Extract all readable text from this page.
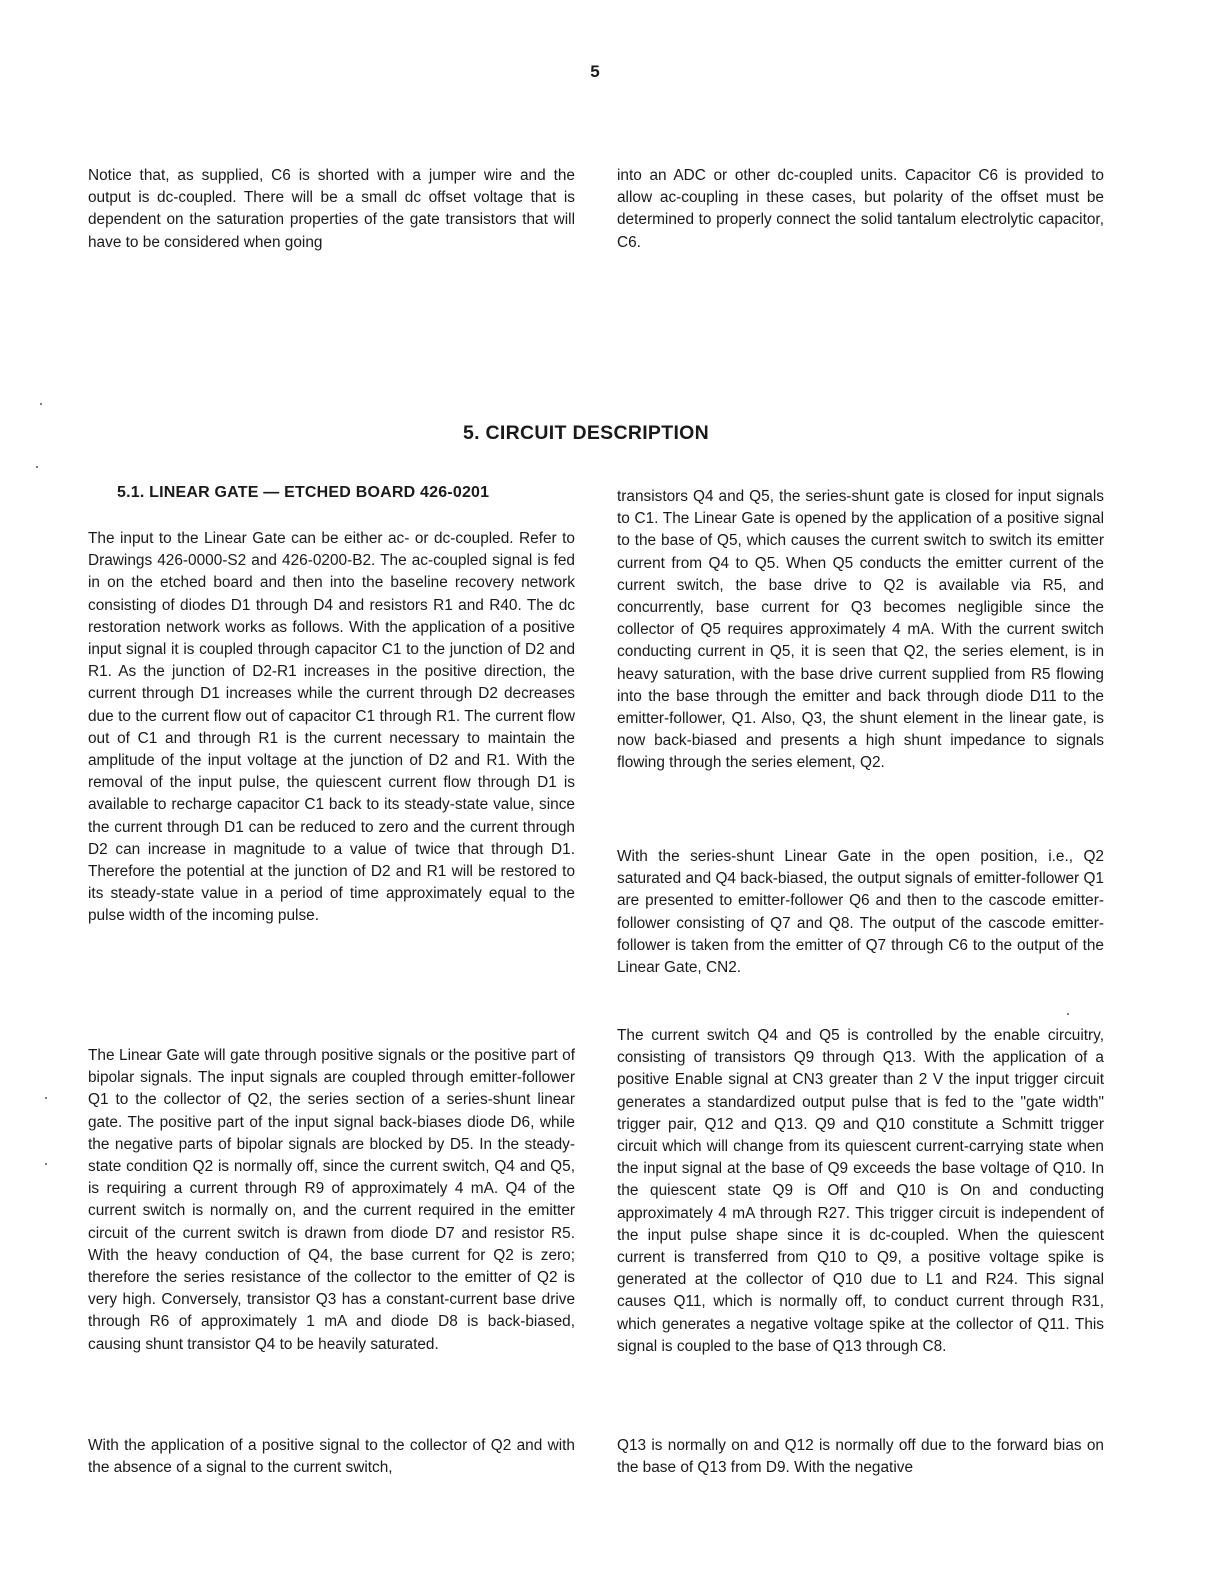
5

Notice that, as supplied, C6 is shorted with a jumper wire and the output is dc-coupled. There will be a small dc offset voltage that is dependent on the saturation properties of the gate transistors that will have to be considered when going

into an ADC or other dc-coupled units. Capacitor C6 is provided to allow ac-coupling in these cases, but polarity of the offset must be determined to properly connect the solid tantalum electrolytic capacitor, C6.

5. CIRCUIT DESCRIPTION
5.1. LINEAR GATE — ETCHED BOARD 426-0201

The input to the Linear Gate can be either ac- or dc-coupled. Refer to Drawings 426-0000-S2 and 426-0200-B2. The ac-coupled signal is fed in on the etched board and then into the baseline recovery network consisting of diodes D1 through D4 and resistors R1 and R40. The dc restoration network works as follows. With the application of a positive input signal it is coupled through capacitor C1 to the junction of D2 and R1. As the junction of D2-R1 increases in the positive direction, the current through D1 increases while the current through D2 decreases due to the current flow out of capacitor C1 through R1. The current flow out of C1 and through R1 is the current necessary to maintain the amplitude of the input voltage at the junction of D2 and R1. With the removal of the input pulse, the quiescent current flow through D1 is available to recharge capacitor C1 back to its steady-state value, since the current through D1 can be reduced to zero and the current through D2 can increase in magnitude to a value of twice that through D1. Therefore the potential at the junction of D2 and R1 will be restored to its steady-state value in a period of time approximately equal to the pulse width of the incoming pulse.

The Linear Gate will gate through positive signals or the positive part of bipolar signals. The input signals are coupled through emitter-follower Q1 to the collector of Q2, the series section of a series-shunt linear gate. The positive part of the input signal back-biases diode D6, while the negative parts of bipolar signals are blocked by D5. In the steady-state condition Q2 is normally off, since the current switch, Q4 and Q5, is requiring a current through R9 of approximately 4 mA. Q4 of the current switch is normally on, and the current required in the emitter circuit of the current switch is drawn from diode D7 and resistor R5. With the heavy conduction of Q4, the base current for Q2 is zero; therefore the series resistance of the collector to the emitter of Q2 is very high. Conversely, transistor Q3 has a constant-current base drive through R6 of approximately 1 mA and diode D8 is back-biased, causing shunt transistor Q4 to be heavily saturated.

With the application of a positive signal to the collector of Q2 and with the absence of a signal to the current switch,

transistors Q4 and Q5, the series-shunt gate is closed for input signals to C1. The Linear Gate is opened by the application of a positive signal to the base of Q5, which causes the current switch to switch its emitter current from Q4 to Q5. When Q5 conducts the emitter current of the current switch, the base drive to Q2 is available via R5, and concurrently, base current for Q3 becomes negligible since the collector of Q5 requires approximately 4 mA. With the current switch conducting current in Q5, it is seen that Q2, the series element, is in heavy saturation, with the base drive current supplied from R5 flowing into the base through the emitter and back through diode D11 to the emitter-follower, Q1. Also, Q3, the shunt element in the linear gate, is now back-biased and presents a high shunt impedance to signals flowing through the series element, Q2.

With the series-shunt Linear Gate in the open position, i.e., Q2 saturated and Q4 back-biased, the output signals of emitter-follower Q1 are presented to emitter-follower Q6 and then to the cascode emitter-follower consisting of Q7 and Q8. The output of the cascode emitter-follower is taken from the emitter of Q7 through C6 to the output of the Linear Gate, CN2.

The current switch Q4 and Q5 is controlled by the enable circuitry, consisting of transistors Q9 through Q13. With the application of a positive Enable signal at CN3 greater than 2 V the input trigger circuit generates a standardized output pulse that is fed to the "gate width" trigger pair, Q12 and Q13. Q9 and Q10 constitute a Schmitt trigger circuit which will change from its quiescent current-carrying state when the input signal at the base of Q9 exceeds the base voltage of Q10. In the quiescent state Q9 is Off and Q10 is On and conducting approximately 4 mA through R27. This trigger circuit is independent of the input pulse shape since it is dc-coupled. When the quiescent current is transferred from Q10 to Q9, a positive voltage spike is generated at the collector of Q10 due to L1 and R24. This signal causes Q11, which is normally off, to conduct current through R31, which generates a negative voltage spike at the collector of Q11. This signal is coupled to the base of Q13 through C8.

Q13 is normally on and Q12 is normally off due to the forward bias on the base of Q13 from D9. With the negative
